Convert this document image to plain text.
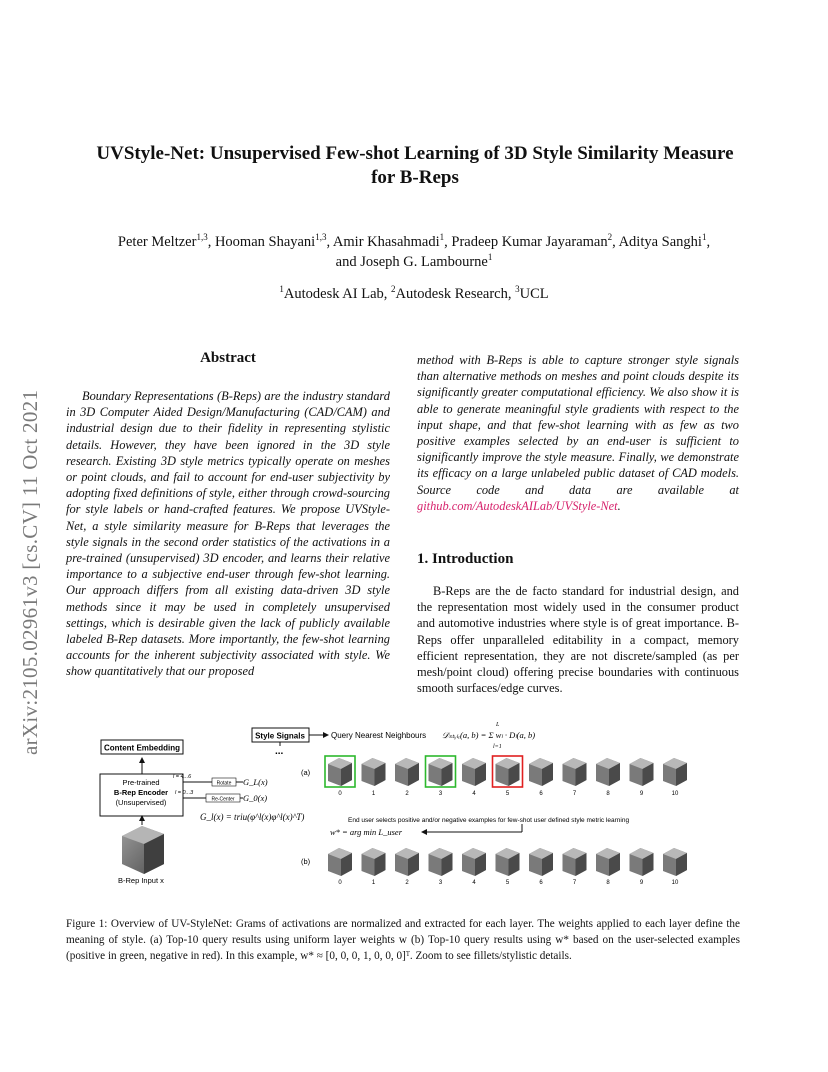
arXiv:2105.02961v3 [cs.CV] 11 Oct 2021
UVStyle-Net: Unsupervised Few-shot Learning of 3D Style Similarity Measure
for B-Reps
Peter Meltzer$^{1,3}$, Hooman Shayani$^{1,3}$, Amir Khasahmadi$^1$, Pradeep Kumar Jayaraman$^2$, Aditya Sanghi$^1$,
and Joseph G. Lambourne$^1$
$^1$Autodesk AI Lab, $^2$Autodesk Research, $^3$UCL
Abstract
Boundary Representations (B-Reps) are the industry standard in 3D Computer Aided Design/Manufacturing (CAD/CAM) and industrial design due to their fidelity in representing stylistic details. However, they have been ignored in the 3D style research. Existing 3D style metrics typically operate on meshes or point clouds, and fail to account for end-user subjectivity by adopting fixed definitions of style, either through crowd-sourcing for style labels or hand-crafted features. We propose UVStyle-Net, a style similarity measure for B-Reps that leverages the style signals in the second order statistics of the activations in a pre-trained (unsupervised) 3D encoder, and learns their relative importance to a subjective end-user through few-shot learning. Our approach differs from all existing data-driven 3D style methods since it may be used in completely unsupervised settings, which is desirable given the lack of publicly available labeled B-Rep datasets. More importantly, the few-shot learning accounts for the inherent subjectivity associated with style. We show quantitatively that our proposed
method with B-Reps is able to capture stronger style signals than alternative methods on meshes and point clouds despite its significantly greater computational efficiency. We also show it is able to generate meaningful style gradients with respect to the input shape, and that few-shot learning with as few as two positive examples selected by an end-user is sufficient to significantly improve the style measure. Finally, we demonstrate its efficacy on a large unlabeled public dataset of CAD models. Source code and data are available at github.com/AutodeskAILab/UVStyle-Net.
1. Introduction
B-Reps are the de facto standard for industrial design, and the representation most widely used in the consumer product and automotive industries where style is of great importance. B-Reps offer unparalleled editability in a compact, memory efficient representation, they are not discrete/sampled (as per mesh/point cloud) offering precise boundaries with continuous smooth surfaces/edge curves.
Style Signals	Query Nearest Neighbours 𝒟ₛₜᵧₗₑ(a, b) = Σ wₗ · Dₗ(a, b)
L
l=1
...
Content Embedding
Pre-trained
B-Rep Encoder
(Unsupervised)
l = 4...6
Rotate G_L(x)
l = 0...3
Re-Center G_0(x)
G_l(x) = triu(φ^l(x)φ^l(x)^T)
B-Rep Input x
(a)
(b)
0	1	2	3	4	5	6	7	8	9	10
0	1	2	3	4	5	6	7	8	9	10
End user selects positive and/or negative examples for few-shot user defined style metric learning
w* = arg min L_user
Figure 1: Overview of UV-StyleNet: Grams of activations are normalized and extracted for each layer. The weights applied to each layer define the meaning of style. (a) Top-10 query results using uniform layer weights w (b) Top-10 query results using w* based on the user-selected examples (positive in green, negative in red). In this example, w* ≈ [0, 0, 0, 1, 0, 0, 0]ᵀ. Zoom to see fillets/stylistic details.
